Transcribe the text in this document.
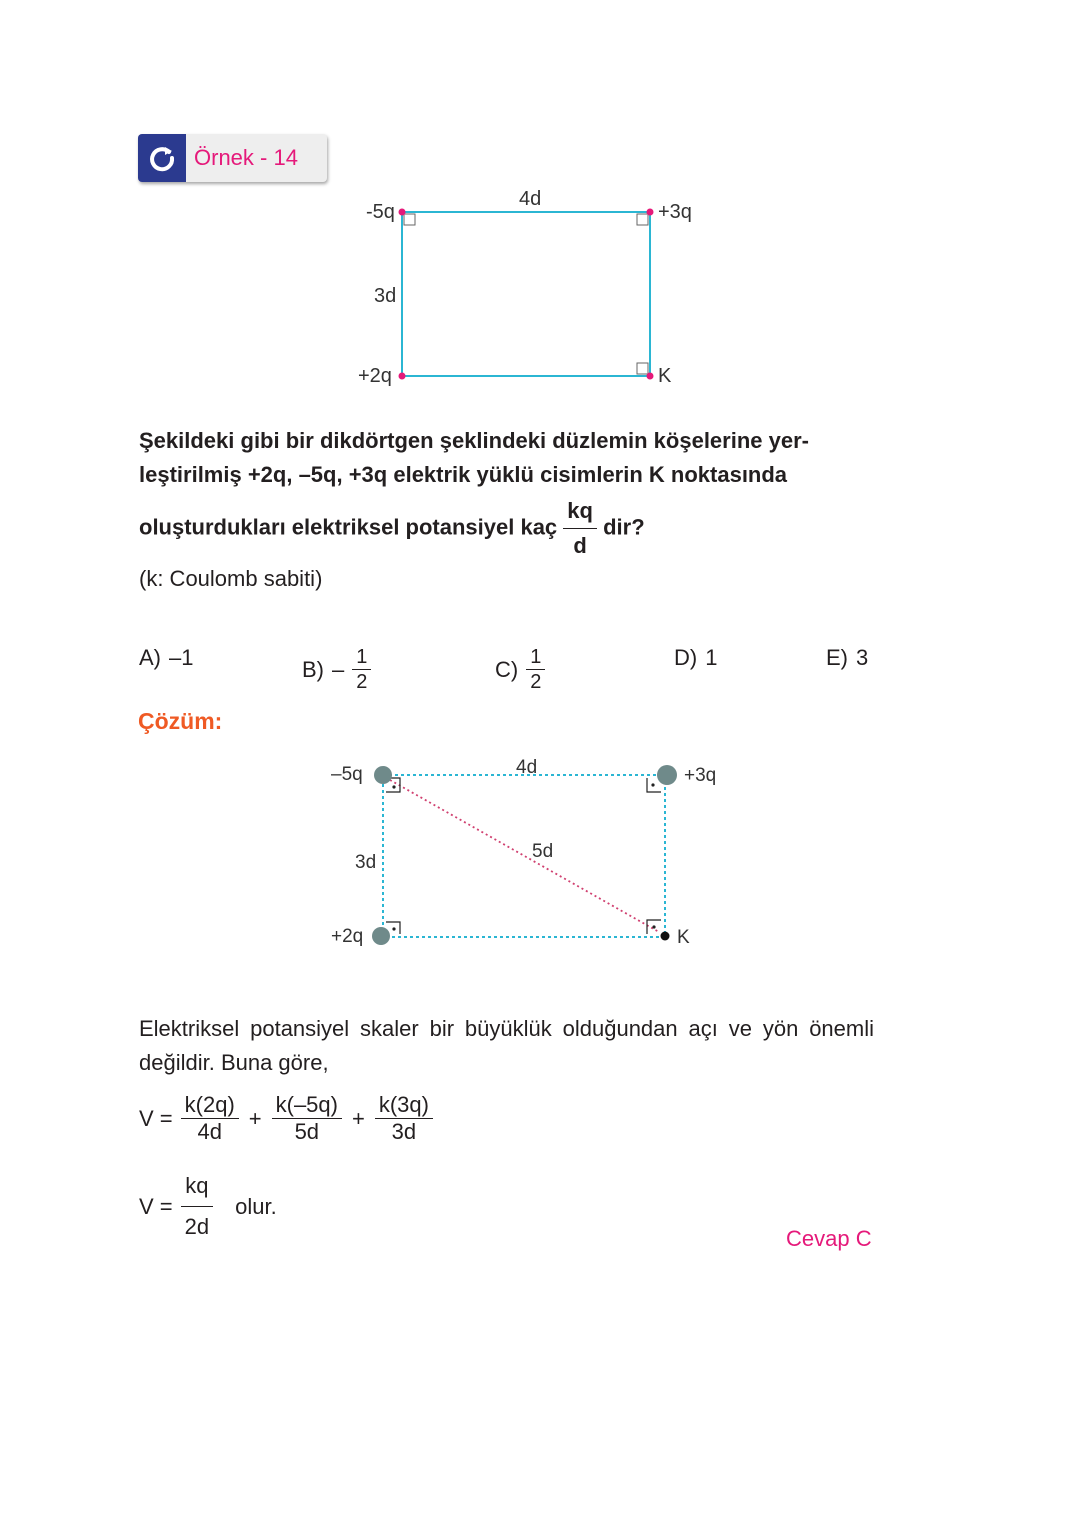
Örnek - 14
4d
3d
-5q	+3q
+2q	K
Şekildeki gibi bir dikdörtgen şeklindeki düzlemin köşelerine yer-
leştirilmiş +2q, –5q, +3q elektrik yüklü cisimlerin K noktasında
oluşturdukları elektriksel potansiyel kaç $\frac{kq}{d}$ dir?
(k: Coulomb sabiti)
A) –1	$B) - \frac{1}{2}$	$C) \frac{1}{2}$	D) 1	E) 3
Çözüm:
4d
3d
5d
–5q	+3q
+2q	K
Elektriksel potansiyel skaler bir büyüklük olduğundan açı ve yön önemli değildir. Buna göre,
$V = \frac{k(2q)}{4d} + \frac{k(-5q)}{5d} + \frac{k(3q)}{3d}$
$V = \frac{kq}{2d}$ olur.
Cevap C
